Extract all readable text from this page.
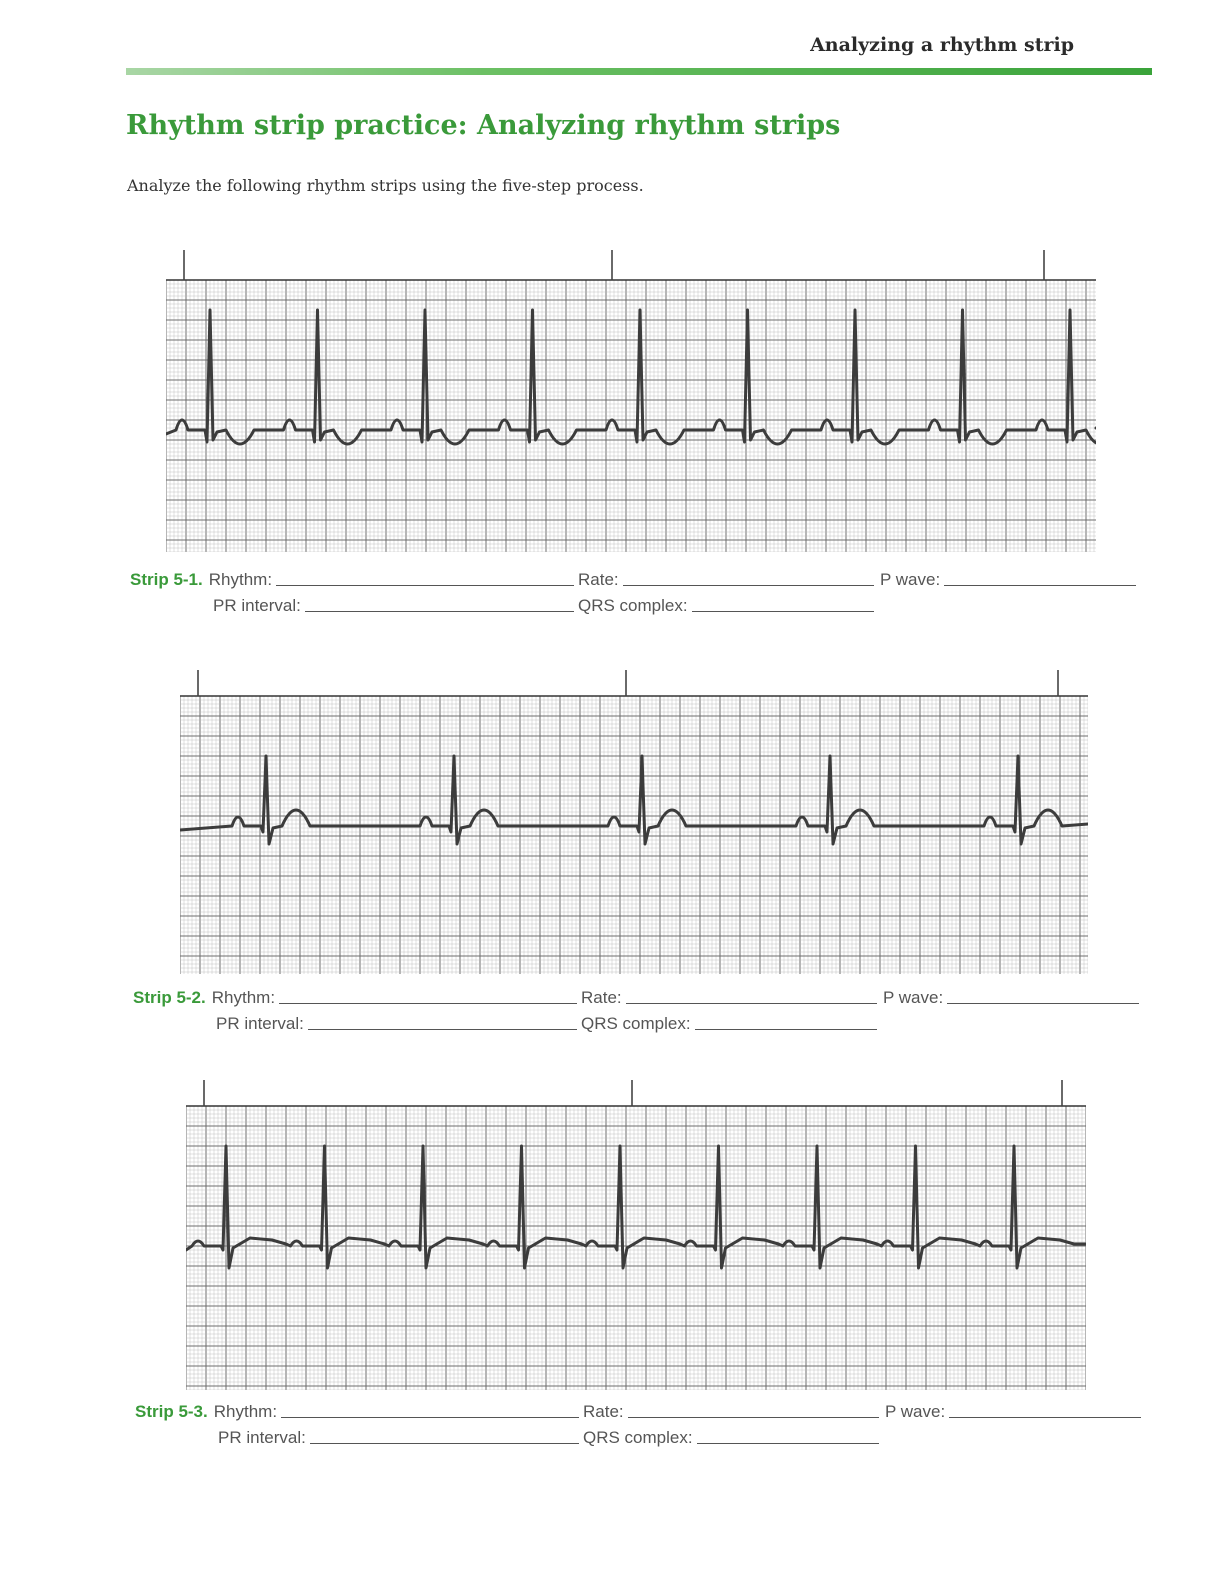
Analyzing a rhythm strip
Rhythm strip practice: Analyzing rhythm strips

Analyze the following rhythm strips using the five-step process.

Strip 5-1. Rhythm:	Rate:	P wave:
PR interval:	QRS complex:
Strip 5-2. Rhythm:	Rate:	P wave:
PR interval:	QRS complex:
Strip 5-3. Rhythm:	Rate:	P wave:
PR interval:	QRS complex:
